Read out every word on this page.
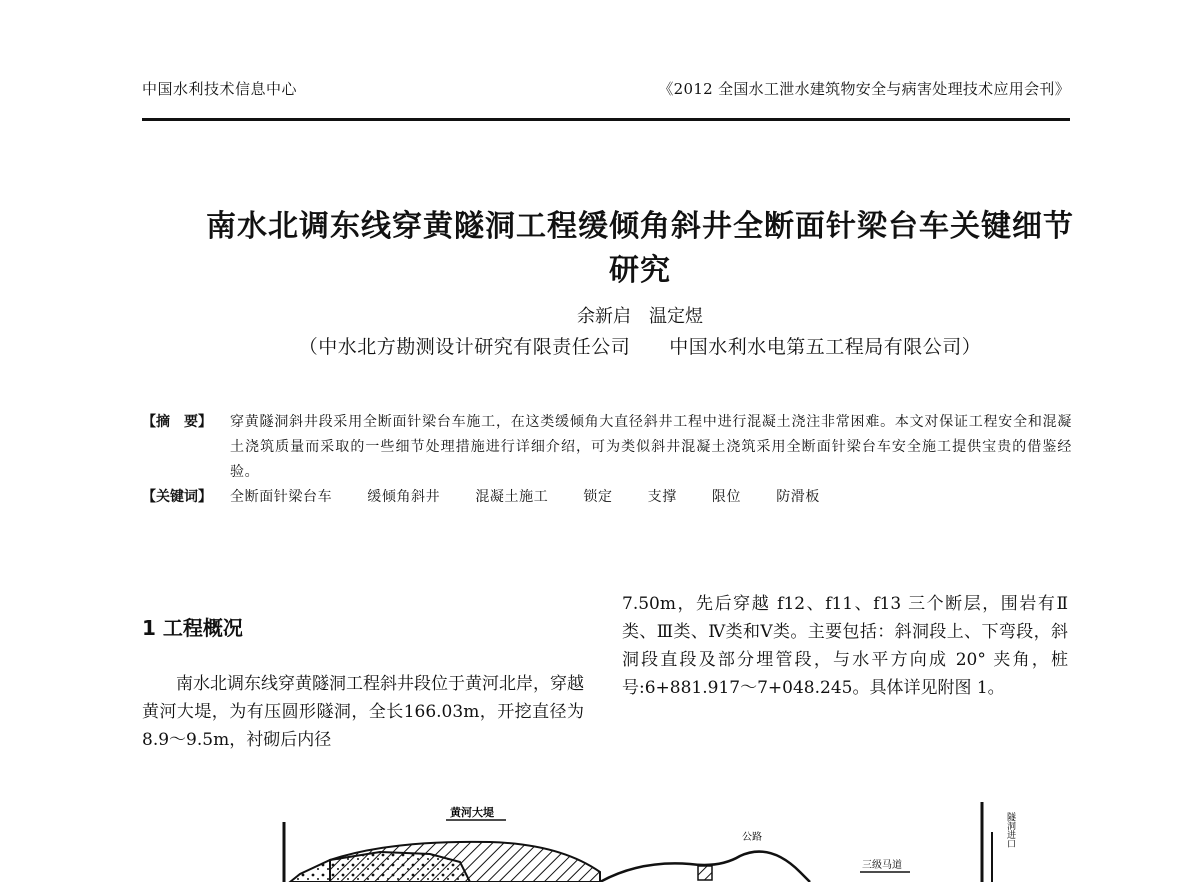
中国水利技术信息中心	《2012 全国水工泄水建筑物安全与病害处理技术应用会刊》
南水北调东线穿黄隧洞工程缓倾角斜井全断面针梁台车关键细节研究
余新启　温定煜
（中水北方勘测设计研究有限责任公司　　中国水利水电第五工程局有限公司）
【摘　要】	穿黄隧洞斜井段采用全断面针梁台车施工，在这类缓倾角大直径斜井工程中进行混凝土浇注非常困难。本文对保证工程安全和混凝土浇筑质量而采取的一些细节处理措施进行详细介绍，可为类似斜井混凝土浇筑采用全断面针梁台车安全施工提供宝贵的借鉴经验。
【关键词】	全断面针梁台车	缓倾角斜井	混凝土施工	锁定	支撑	限位	防滑板
1 工程概况
南水北调东线穿黄隧洞工程斜井段位于黄河北岸，穿越黄河大堤，为有压圆形隧洞，全长166.03m，开挖直径为 8.9～9.5m，衬砌后内径
7.50m，先后穿越 f12、f11、f13 三个断层，围岩有Ⅱ类、Ⅲ类、Ⅳ类和Ⅴ类。主要包括：斜洞段上、下弯段，斜洞段直段及部分埋管段，与水平方向成 20° 夹角，桩号:6+881.917～7+048.245。具体详见附图 1。
黄河大堤
公路
三级马道
隧洞进口
